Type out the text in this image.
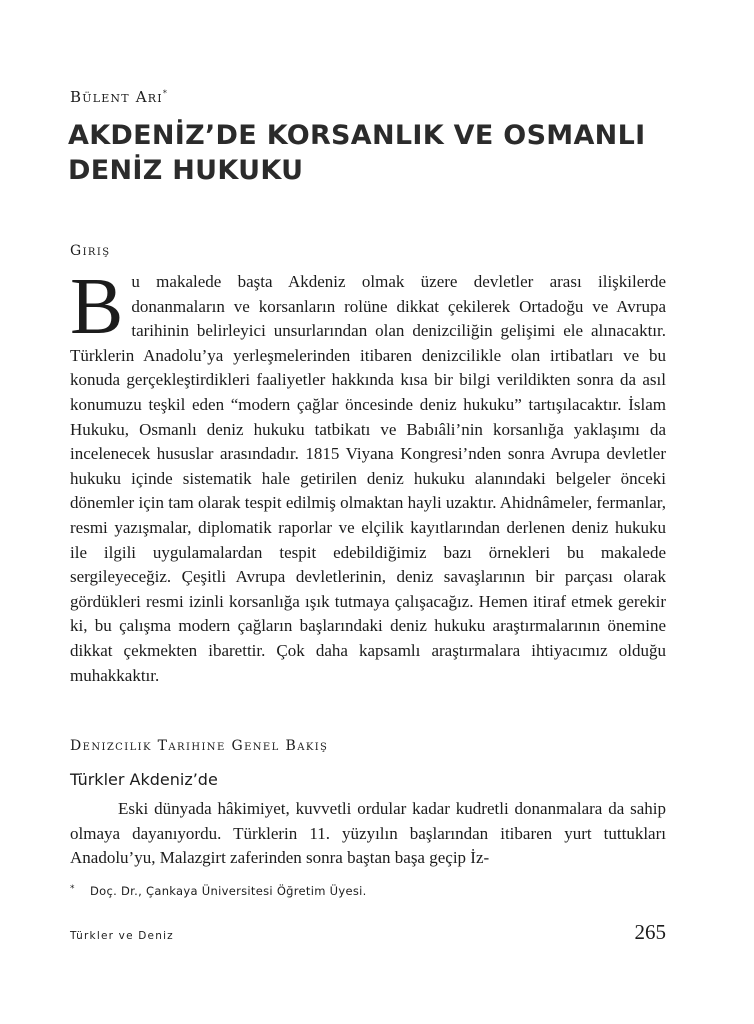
Bülent Arı*
AKDENİZ’DE KORSANLIK VE OSMANLI DENİZ HUKUKU
Giriş
Bu makalede başta Akdeniz olmak üzere devletler arası ilişkilerde donanmaların ve korsanların rolüne dikkat çekilerek Ortadoğu ve Avrupa tarihinin belirleyici unsurlarından olan denizciliğin gelişimi ele alınacaktır. Türklerin Anadolu’ya yerleşmelerinden itibaren denizcilikle olan irtibatları ve bu konuda gerçekleştirdikleri faaliyetler hakkında kısa bir bilgi verildikten sonra da asıl konumuzu teşkil eden “modern çağlar öncesinde deniz hukuku” tartışılacaktır. İslam Hukuku, Osmanlı deniz hukuku tatbikatı ve Babıâli’nin korsanlığa yaklaşımı da incelenecek hususlar arasındadır. 1815 Viyana Kongresi’nden sonra Avrupa devletler hukuku içinde sistematik hale getirilen deniz hukuku alanındaki belgeler önceki dönemler için tam olarak tespit edilmiş olmaktan hayli uzaktır. Ahidnâmeler, fermanlar, resmi yazışmalar, diplomatik raporlar ve elçilik kayıtlarından derlenen deniz hukuku ile ilgili uygulamalardan tespit edebildiğimiz bazı örnekleri bu makalede sergileyeceğiz. Çeşitli Avrupa devletlerinin, deniz savaşlarının bir parçası olarak gördükleri resmi izinli korsanlığa ışık tutmaya çalışacağız. Hemen itiraf etmek gerekir ki, bu çalışma modern çağların başlarındaki deniz hukuku araştırmalarının önemine dikkat çekmekten ibarettir. Çok daha kapsamlı araştırmalara ihtiyacımız olduğu muhakkaktır.
Denizcilik Tarihine Genel Bakış
Türkler Akdeniz’de
Eski dünyada hâkimiyet, kuvvetli ordular kadar kudretli donanmalara da sahip olmaya dayanıyordu. Türklerin 11. yüzyılın başlarından itibaren yurt tuttukları Anadolu’yu, Malazgirt zaferinden sonra baştan başa geçip İz-
* Doç. Dr., Çankaya Üniversitesi Öğretim Üyesi.
Türkler ve Deniz	265
